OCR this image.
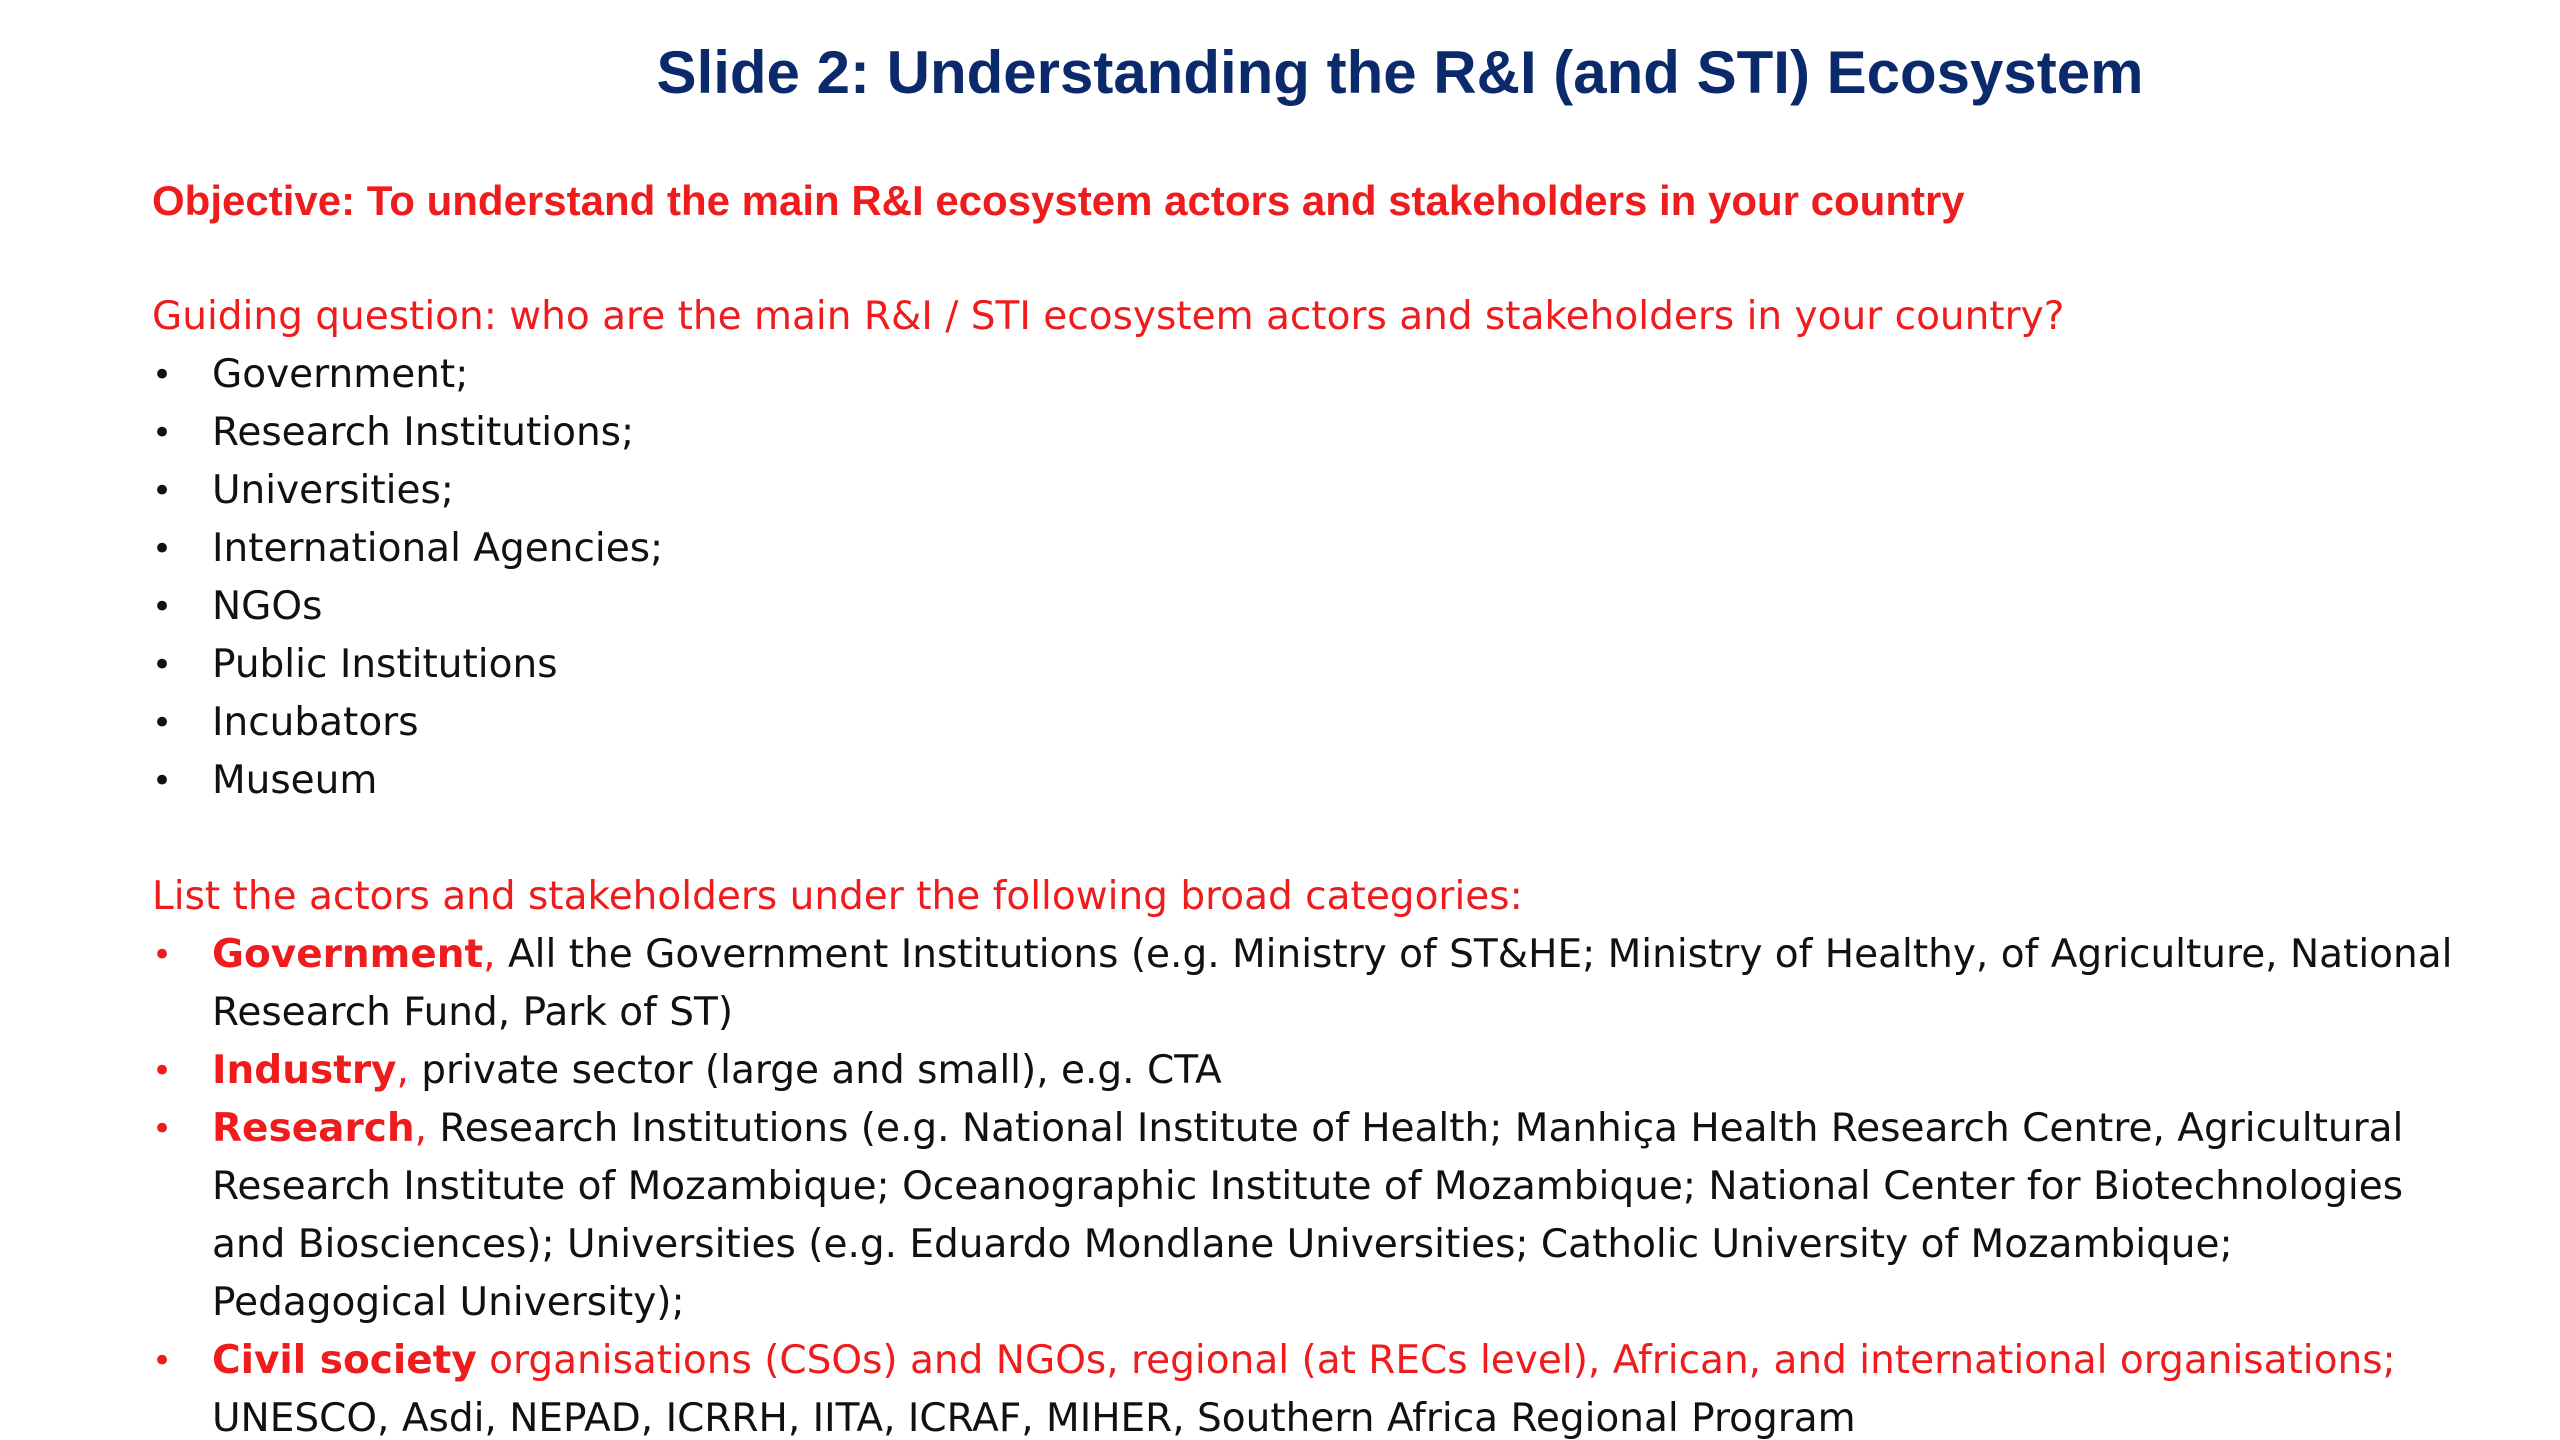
Slide 2: Understanding the R&I (and STI) Ecosystem
Objective: To understand the main R&I ecosystem actors and stakeholders in your country
Guiding question: who are the main R&I / STI ecosystem actors and stakeholders in your country?
• Government;
• Research Institutions;
• Universities;
• International Agencies;
• NGOs
• Public Institutions
• Incubators
• Museum
List the actors and stakeholders under the following broad categories:
• Government, All the Government Institutions (e.g. Ministry of ST&HE; Ministry of Healthy, of Agriculture, National Research Fund, Park of ST)
• Industry, private sector (large and small), e.g. CTA
• Research, Research Institutions (e.g. National Institute of Health; Manhiça Health Research Centre, Agricultural Research Institute of Mozambique; Oceanographic Institute of Mozambique; National Center for Biotechnologies and Biosciences); Universities (e.g. Eduardo Mondlane Universities; Catholic University of Mozambique; Pedagogical University);
• Civil society organisations (CSOs) and NGOs, regional (at RECs level), African, and international organisations; UNESCO, Asdi, NEPAD, ICRRH, IITA, ICRAF, MIHER, Southern Africa Regional Program
